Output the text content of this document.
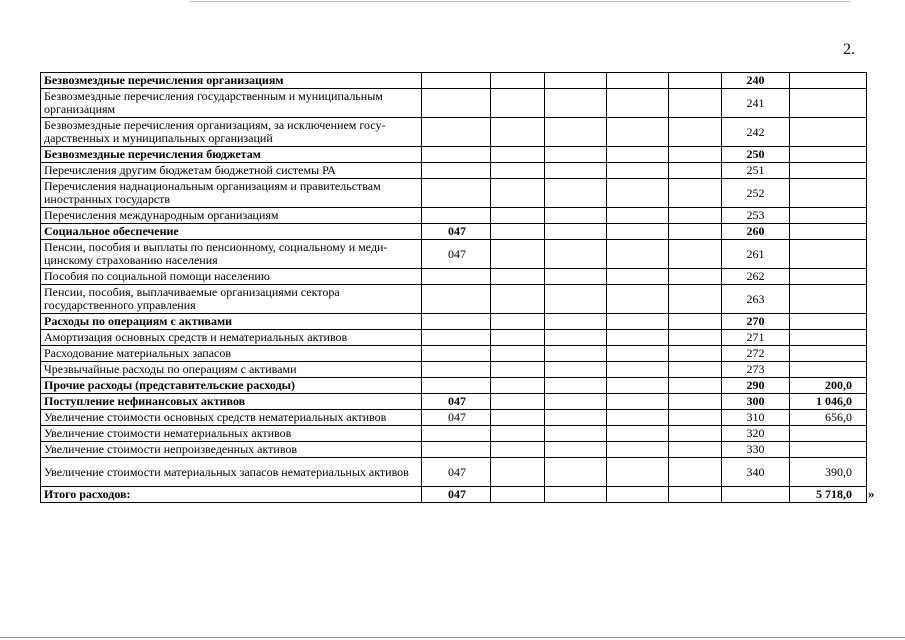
2.
Безвозмездные перечисления организациям						240	
Безвозмездные перечисления государственным и муниципальным организациям						241	
Безвозмездные перечисления организациям, за исключением госу-дарственных и муниципальных организаций						242	
Безвозмездные перечисления бюджетам						250	
Перечисления другим бюджетам бюджетной системы РА						251	
Перечисления наднациональным организациям и правительствам иностранных государств						252	
Перечисления международным организациям						253	
Социальное обеспечение	047					260	
Пенсии, пособия и выплаты по пенсионному, социальному и меди-цинскому страхованию населения	047					261	
Пособия по социальной помощи населению						262	
Пенсии, пособия, выплачиваемые организациями сектора государственного управления						263	
Расходы по операциям с активами						270	
Амортизация основных средств и нематериальных активов						271	
Расходование материальных запасов						272	
Чрезвычайные расходы по операциям с активами						273	
Прочие расходы (представительские расходы)						290	200,0
Поступление нефинансовых активов	047					300	1 046,0
Увеличение стоимости основных средств нематериальных активов	047					310	656,0
Увеличение стоимости нематериальных активов						320	
Увеличение стоимости непроизведенных активов						330	
Увеличение стоимости материальных запасов нематериальных активов	047					340	390,0
Итого расходов:	047						5 718,0 »
